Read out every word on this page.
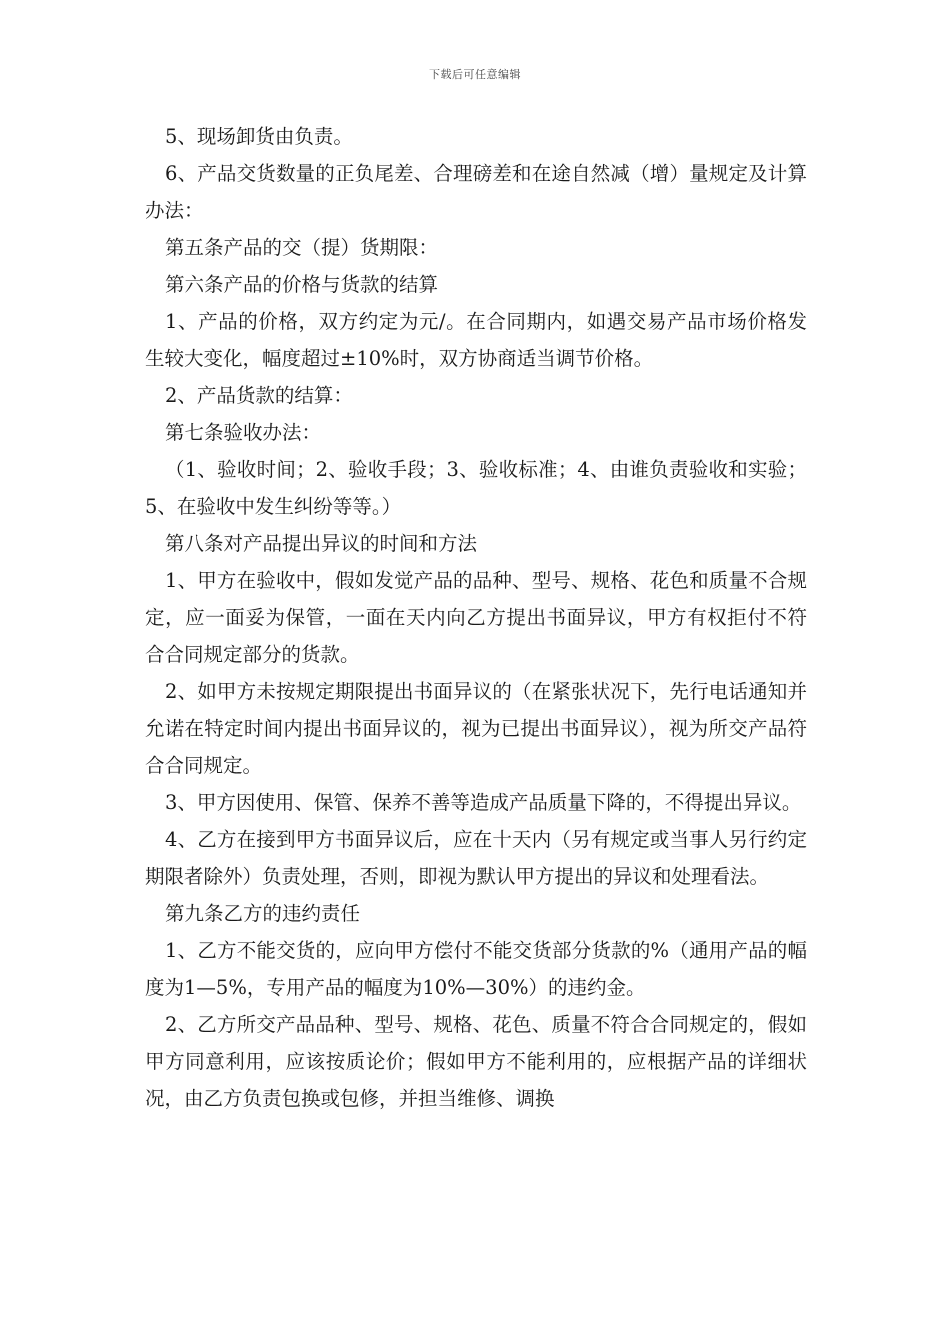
下载后可任意编辑

5、现场卸货由负责。

6、产品交货数量的正负尾差、合理磅差和在途自然减（增）量规定及计算办法：

第五条产品的交（提）货期限：

第六条产品的价格与货款的结算

1、产品的价格，双方约定为元/。在合同期内，如遇交易产品市场价格发生较大变化，幅度超过±10%时，双方协商适当调节价格。

2、产品货款的结算：

第七条验收办法：

（1、验收时间；2、验收手段；3、验收标准；4、由谁负责验收和实验；5、在验收中发生纠纷等等。）

第八条对产品提出异议的时间和方法

1、甲方在验收中，假如发觉产品的品种、型号、规格、花色和质量不合规定，应一面妥为保管，一面在天内向乙方提出书面异议，甲方有权拒付不符合合同规定部分的货款。

2、如甲方未按规定期限提出书面异议的（在紧张状况下，先行电话通知并允诺在特定时间内提出书面异议的，视为已提出书面异议），视为所交产品符合合同规定。

3、甲方因使用、保管、保养不善等造成产品质量下降的，不得提出异议。

4、乙方在接到甲方书面异议后，应在十天内（另有规定或当事人另行约定期限者除外）负责处理，否则，即视为默认甲方提出的异议和处理看法。

第九条乙方的违约责任

1、乙方不能交货的，应向甲方偿付不能交货部分货款的%（通用产品的幅度为1—5%，专用产品的幅度为10%—30%）的违约金。

2、乙方所交产品品种、型号、规格、花色、质量不符合合同规定的，假如甲方同意利用，应该按质论价；假如甲方不能利用的，应根据产品的详细状况，由乙方负责包换或包修，并担当维修、调换
